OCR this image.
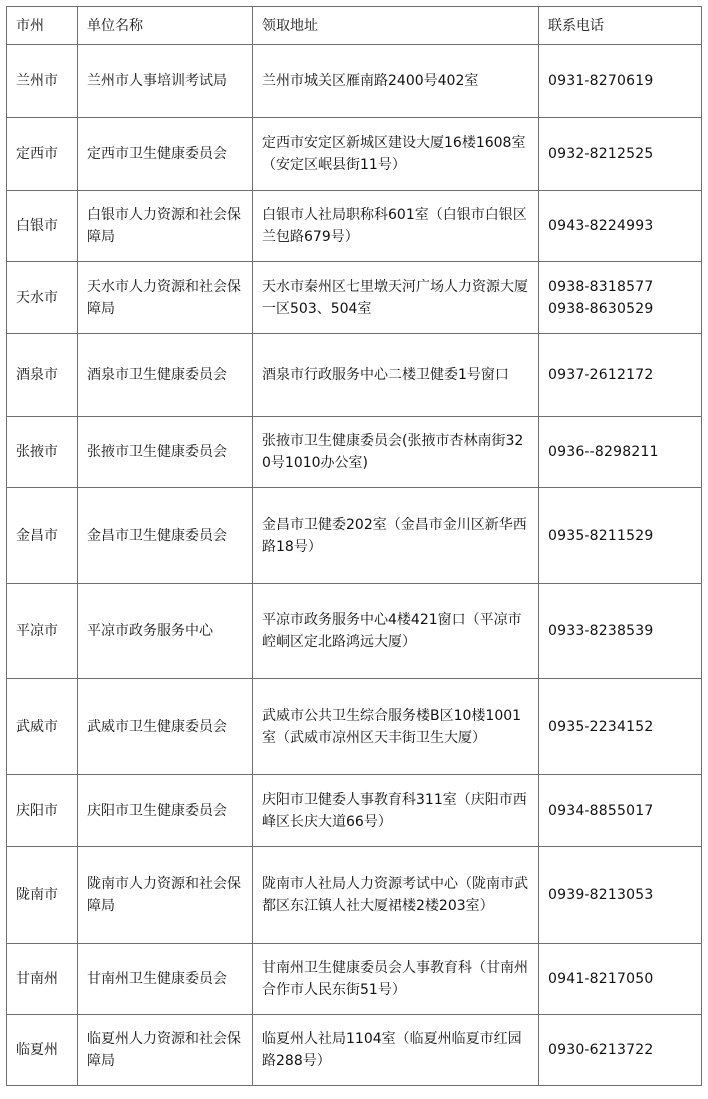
市州	单位名称	领取地址	联系电话
兰州市	兰州市人事培训考试局	兰州市城关区雁南路2400号402室	0931-8270619

定西市	定西市卫生健康委员会	定西市安定区新城区建设大厦16楼1608室（安定区岷县街11号）	0932-8212525

白银市	白银市人力资源和社会保障局	白银市人社局职称科601室（白银市白银区兰包路679号）	0943-8224993

天水市	天水市人力资源和社会保障局	天水市秦州区七里墩天河广场人力资源大厦一区503、504室	0938-8318577
0938-8630529

酒泉市	酒泉市卫生健康委员会	酒泉市行政服务中心二楼卫健委1号窗口	0937-2612172

张掖市	张掖市卫生健康委员会	张掖市卫生健康委员会(张掖市杏林南街320号1010办公室)	0936--8298211

金昌市	金昌市卫生健康委员会	金昌市卫健委202室（金昌市金川区新华西路18号）	0935-8211529

平凉市	平凉市政务服务中心	平凉市政务服务中心4楼421窗口（平凉市崆峒区定北路鸿远大厦）	0933-8238539

武威市	武威市卫生健康委员会	武威市公共卫生综合服务楼B区10楼1001室（武威市凉州区天丰街卫生大厦）	0935-2234152

庆阳市	庆阳市卫生健康委员会	庆阳市卫健委人事教育科311室（庆阳市西峰区长庆大道66号）	0934-8855017

陇南市	陇南市人力资源和社会保障局	陇南市人社局人力资源考试中心（陇南市武都区东江镇人社大厦裙楼2楼203室）	0939-8213053

甘南州	甘南州卫生健康委员会	甘南州卫生健康委员会人事教育科（甘南州合作市人民东街51号）	0941-8217050

临夏州	临夏州人力资源和社会保障局	临夏州人社局1104室（临夏州临夏市红园路288号）	0930-6213722
